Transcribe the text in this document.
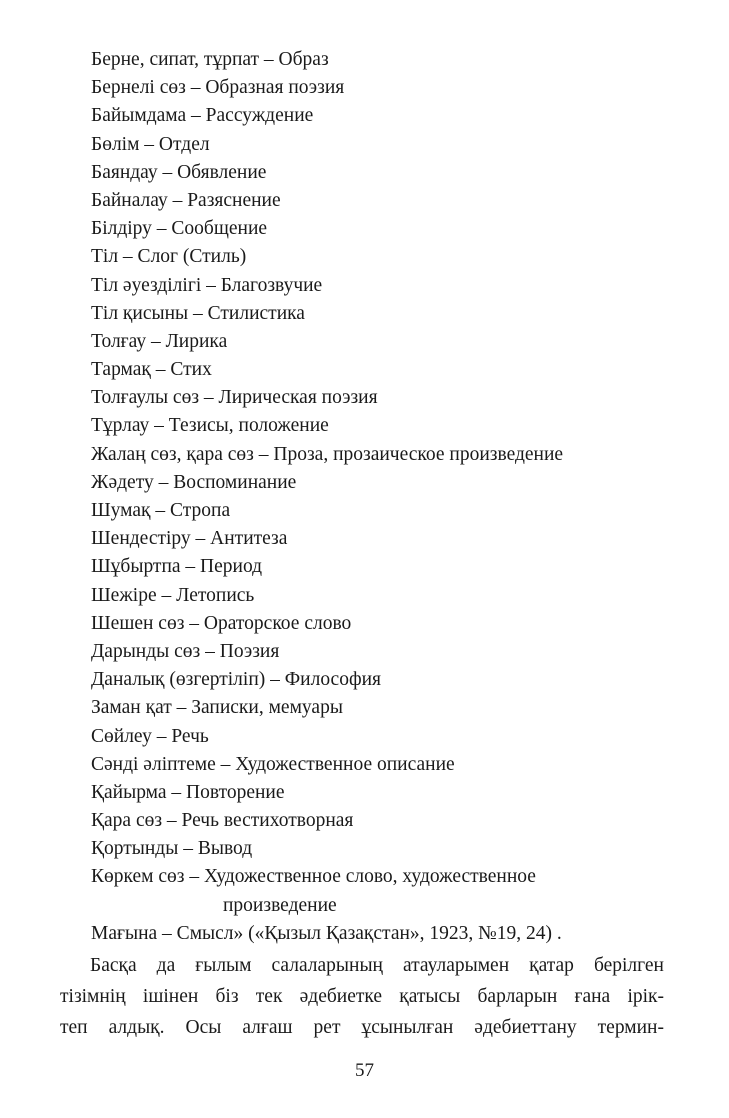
Берне, сипат, тұрпат – Образ
Бернелі сөз – Образная поэзия
Байымдама – Рассуждение
Бөлім – Отдел
Баяндау – Обявление
Байналау – Разяснение
Білдіру – Сообщение
Тіл – Слог (Стиль)
Тіл әуезділігі – Благозвучие
Тіл қисыны – Стилистика
Толғау – Лирика
Тармақ – Стих
Толғаулы сөз – Лирическая поэзия
Тұрлау – Тезисы, положение
Жалаң сөз, қара сөз – Проза, прозаическое произведение
Жәдету – Воспоминание
Шумақ – Стропа
Шендестіру – Антитеза
Шұбыртпа – Период
Шежіре – Летопись
Шешен сөз – Ораторское слово
Дарынды сөз – Поэзия
Даналық (өзгертіліп) – Философия
Заман қат – Записки, мемуары
Сөйлеу – Речь
Сәнді әліптеме – Художественное описание
Қайырма – Повторение
Қара сөз – Речь вестихотворная
Қортынды – Вывод
Көркем сөз – Художественное слово, художественное
произведение
Мағына – Смысл» («Қызыл Қазақстан», 1923, №19, 24) .
Басқа да ғылым салаларының атауларымен қатар берілген
тізімнің ішінен біз тек әдебиетке қатысы барларын ғана ірік-
теп алдық. Осы алғаш рет ұсынылған әдебиеттану термин-
57
